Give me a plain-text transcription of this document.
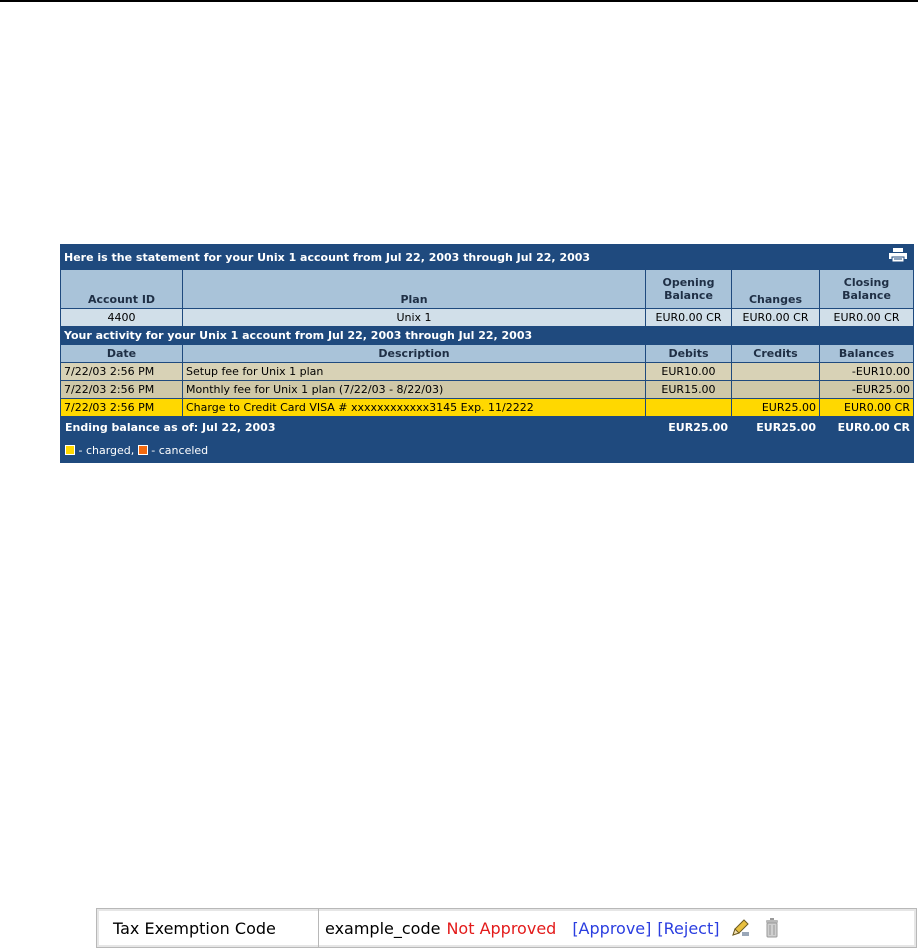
Here is the statement for your Unix 1 account from Jul 22, 2003 through Jul 22, 2003				

Account ID	Plan	Opening Balance	Changes	Closing Balance
4400	Unix 1	EUR0.00 CR	EUR0.00 CR	EUR0.00 CR
Your activity for your Unix 1 account from Jul 22, 2003 through Jul 22, 2003				
Date	Description	Debits	Credits	Balances
7/22/03 2:56 PM	Setup fee for Unix 1 plan	EUR10.00		-EUR10.00
7/22/03 2:56 PM	Monthly fee for Unix 1 plan (7/22/03 - 8/22/03)	EUR15.00		-EUR25.00
7/22/03 2:56 PM	Charge to Credit Card VISA # xxxxxxxxxxxx3145 Exp. 11/2222		EUR25.00	EUR0.00 CR
Ending balance as of: Jul 22, 2003		EUR25.00	EUR25.00	EUR0.00 CR
- charged, - canceled				
Tax Exemption Code	example_code Not Approved [Approve] [Reject]
